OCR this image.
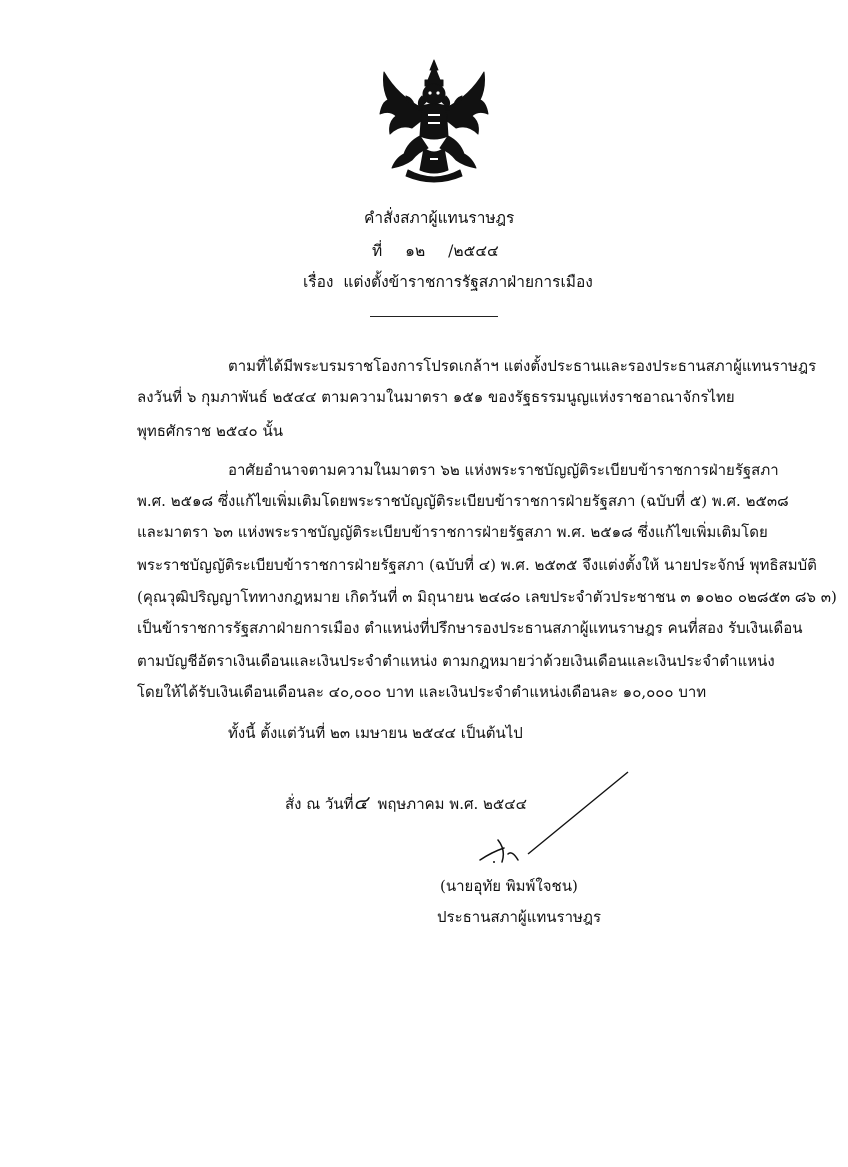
คำสั่งสภาผู้แทนราษฎร
ที่ ๑๒ /๒๕๔๔
เรื่อง แต่งตั้งข้าราชการรัฐสภาฝ่ายการเมือง
ตามที่ได้มีพระบรมราชโองการโปรดเกล้าฯ แต่งตั้งประธานและรองประธานสภาผู้แทนราษฎร
ลงวันที่ ๖ กุมภาพันธ์ ๒๕๔๔ ตามความในมาตรา ๑๕๑ ของรัฐธรรมนูญแห่งราชอาณาจักรไทย
พุทธศักราช ๒๕๔๐ นั้น
อาศัยอำนาจตามความในมาตรา ๖๒ แห่งพระราชบัญญัติระเบียบข้าราชการฝ่ายรัฐสภา
พ.ศ. ๒๕๑๘ ซึ่งแก้ไขเพิ่มเติมโดยพระราชบัญญัติระเบียบข้าราชการฝ่ายรัฐสภา (ฉบับที่ ๕) พ.ศ. ๒๕๓๘
และมาตรา ๖๓ แห่งพระราชบัญญัติระเบียบข้าราชการฝ่ายรัฐสภา พ.ศ. ๒๕๑๘ ซึ่งแก้ไขเพิ่มเติมโดย
พระราชบัญญัติระเบียบข้าราชการฝ่ายรัฐสภา (ฉบับที่ ๔) พ.ศ. ๒๕๓๕ จึงแต่งตั้งให้ นายประจักษ์ พุทธิสมบัติ
(คุณวุฒิปริญญาโททางกฎหมาย เกิดวันที่ ๓ มิถุนายน ๒๔๘๐ เลขประจำตัวประชาชน ๓ ๑๐๒๐ ๐๒๘๕๓ ๘๖ ๓)
เป็นข้าราชการรัฐสภาฝ่ายการเมือง ตำแหน่งที่ปรึกษารองประธานสภาผู้แทนราษฎร คนที่สอง รับเงินเดือน
ตามบัญชีอัตราเงินเดือนและเงินประจำตำแหน่ง ตามกฎหมายว่าด้วยเงินเดือนและเงินประจำตำแหน่ง
โดยให้ได้รับเงินเดือนเดือนละ ๔๐,๐๐๐ บาท และเงินประจำตำแหน่งเดือนละ ๑๐,๐๐๐ บาท
ทั้งนี้ ตั้งแต่วันที่ ๒๓ เมษายน ๒๕๔๔ เป็นต้นไป
สั่ง ณ วันที่๔ พฤษภาคม พ.ศ. ๒๕๔๔
(นายอุทัย พิมพ์ใจชน)
ประธานสภาผู้แทนราษฎร
